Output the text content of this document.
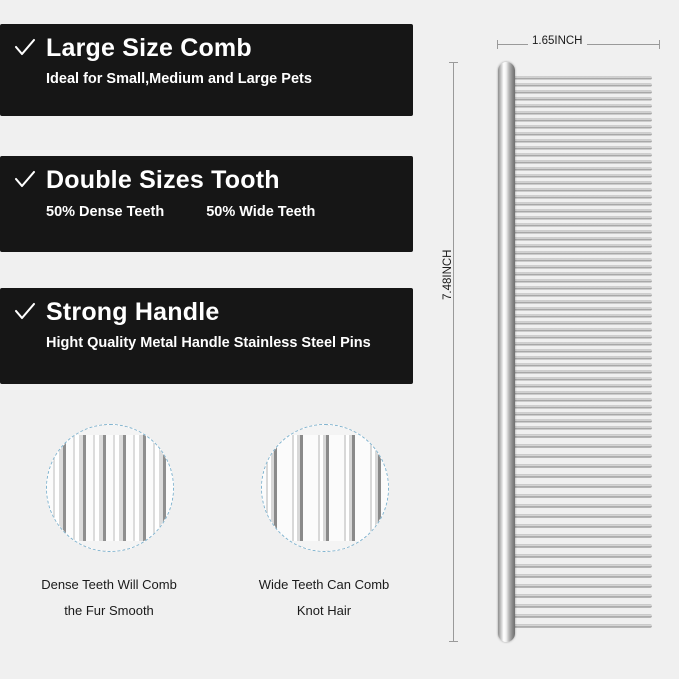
Large Size Comb
Ideal for Small,Medium and Large Pets
Double Sizes Tooth
50% Dense Teeth	50% Wide Teeth
Strong Handle
Hight Quality Metal Handle Stainless Steel Pins
Dense Teeth Will Comb
the Fur Smooth
Wide Teeth Can Comb
Knot Hair
1.65INCH
7.48INCH
